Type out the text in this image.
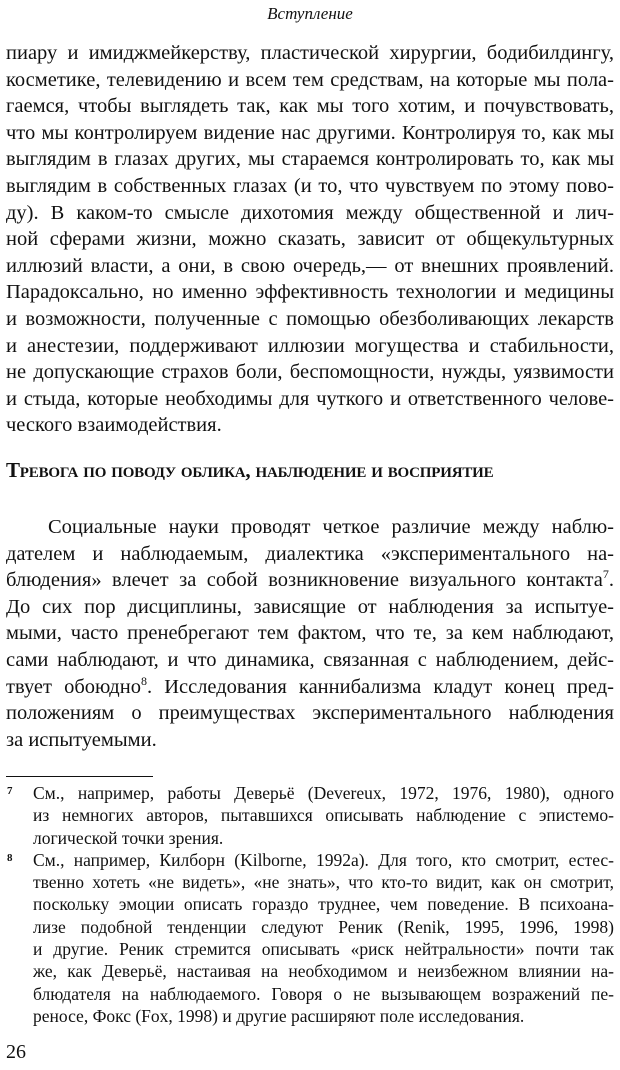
Вступление
пиару и имиджмейкерству, пластической хирургии, бодибилдингу,
косметике, телевидению и всем тем средствам, на которые мы пола-
гаемся, чтобы выглядеть так, как мы того хотим, и почувствовать,
что мы контролируем видение нас другими. Контролируя то, как мы
выглядим в глазах других, мы стараемся контролировать то, как мы
выглядим в собственных глазах (и то, что чувствуем по этому пово-
ду). В каком-то смысле дихотомия между общественной и лич-
ной сферами жизни, можно сказать, зависит от общекультурных
иллюзий власти, а они, в свою очередь,— от внешних проявлений.
Парадоксально, но именно эффективность технологии и медицины
и возможности, полученные с помощью обезболивающих лекарств
и анестезии, поддерживают иллюзии могущества и стабильности,
не допускающие страхов боли, беспомощности, нужды, уязвимости
и стыда, которые необходимы для чуткого и ответственного челове-
ческого взаимодействия.
Тревога по поводу облика, наблюдение и восприятие
Социальные науки проводят четкое различие между наблю-
дателем и наблюдаемым, диалектика «экспериментального на-
блюдения» влечет за собой возникновение визуального контакта$^7$.
До сих пор дисциплины, зависящие от наблюдения за испытуе-
мыми, часто пренебрегают тем фактом, что те, за кем наблюдают,
сами наблюдают, и что динамика, связанная с наблюдением, дейс-
твует обоюдно$^8$. Исследования каннибализма кладут конец пред-
положениям о преимуществах экспериментального наблюдения
за испытуемыми.
7 См., например, работы Деверьё (Devereux, 1972, 1976, 1980), одного
из немногих авторов, пытавшихся описывать наблюдение с эпистемо-
логической точки зрения.
8 См., например, Килборн (Kilborne, 1992a). Для того, кто смотрит, естес-
твенно хотеть «не видеть», «не знать», что кто-то видит, как он смотрит,
поскольку эмоции описать гораздо труднее, чем поведение. В психоана-
лизе подобной тенденции следуют Реник (Renik, 1995, 1996, 1998)
и другие. Реник стремится описывать «риск нейтральности» почти так
же, как Деверьё, настаивая на необходимом и неизбежном влиянии на-
блюдателя на наблюдаемого. Говоря о не вызывающем возражений пе-
реносе, Фокс (Fox, 1998) и другие расширяют поле исследования.
26
